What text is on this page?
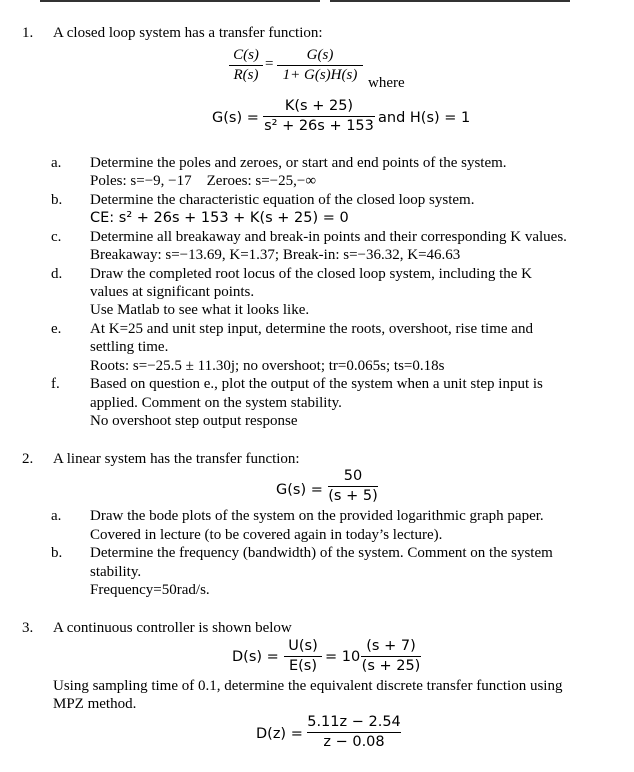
1. A closed loop system has a transfer function:
$\frac{C(s)}{R(s)} = \frac{G(s)}{1+ G(s)H(s)}$ where
$G(s) = \frac{K(s + 25)}{\text{s² + 26s + 153}}$ and H(s) = 1
a. Determine the poles and zeroes, or start and end points of the system.
Poles: s=−9, −17    Zeroes: s=−25,−∞
b. Determine the characteristic equation of the closed loop system.
CE: s² + 26s + 153 + K(s + 25) = 0
c. Determine all breakaway and break-in points and their corresponding K values.
Breakaway: s=−13.69, K=1.37; Break-in: s=−36.32, K=46.63
d. Draw the completed root locus of the closed loop system, including the K
values at significant points.
Use Matlab to see what it looks like.
e. At K=25 and unit step input, determine the roots, overshoot, rise time and
settling time.
Roots: s=−25.5 ± 11.30j; no overshoot; tr=0.065s; ts=0.18s
f. Based on question e., plot the output of the system when a unit step input is
applied. Comment on the system stability.
No overshoot step output response
2. A linear system has the transfer function:
$G(s) = \frac{50}{(s + 5)}$
a. Draw the bode plots of the system on the provided logarithmic graph paper.
Covered in lecture (to be covered again in today’s lecture).
b. Determine the frequency (bandwidth) of the system. Comment on the system
stability.
Frequency=50rad/s.
3. A continuous controller is shown below
$D(s) = \frac{U(s)}{E(s)} = 10 \frac{(s + 7)}{(s + 25)}$
Using sampling time of 0.1, determine the equivalent discrete transfer function using
MPZ method.
$D(z) = \frac{5.11z - 2.54}{z - 0.08}$
